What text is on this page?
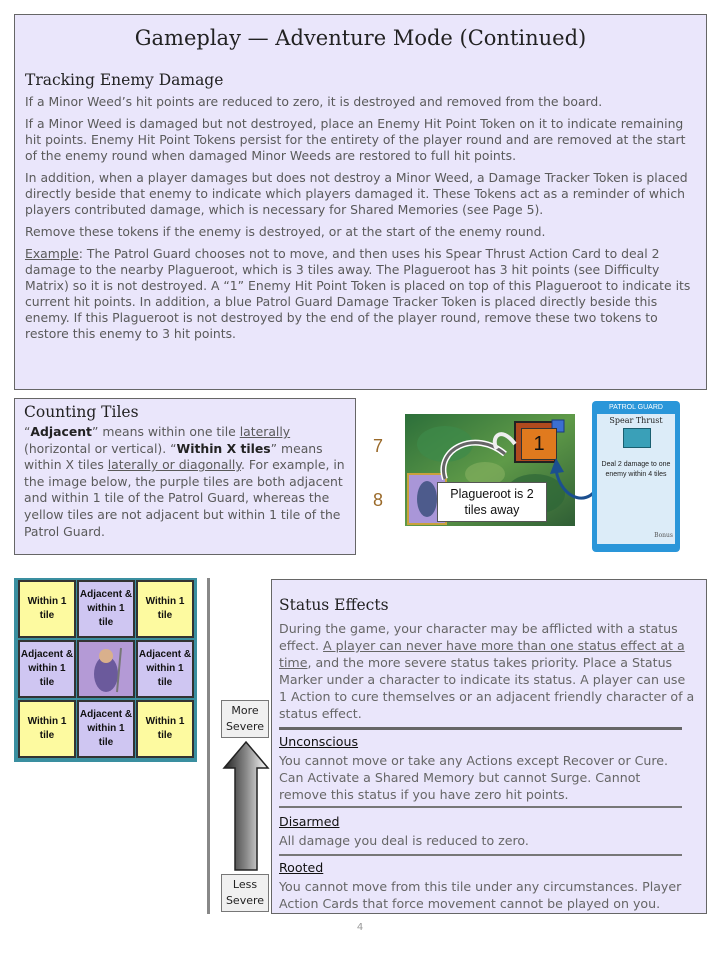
Gameplay — Adventure Mode (Continued)
Tracking Enemy Damage

If a Minor Weed’s hit points are reduced to zero, it is destroyed and removed from the board.

If a Minor Weed is damaged but not destroyed, place an Enemy Hit Point Token on it to indicate remaining hit points. Enemy Hit Point Tokens persist for the entirety of the player round and are removed at the start of the enemy round when damaged Minor Weeds are restored to full hit points.

In addition, when a player damages but does not destroy a Minor Weed, a Damage Tracker Token is placed directly beside that enemy to indicate which players damaged it. These Tokens act as a reminder of which players contributed damage, which is necessary for Shared Memories (see Page 5).

Remove these tokens if the enemy is destroyed, or at the start of the enemy round.

Example: The Patrol Guard chooses not to move, and then uses his Spear Thrust Action Card to deal 2 damage to the nearby Plagueroot, which is 3 tiles away. The Plagueroot has 3 hit points (see Difficulty Matrix) so it is not destroyed. A “1” Enemy Hit Point Token is placed on top of this Plagueroot to indicate its current hit points. In addition, a blue Patrol Guard Damage Tracker Token is placed directly beside this enemy. If this Plagueroot is not destroyed by the end of the player round, remove these two tokens to restore this enemy to 3 hit points.

Counting Tiles

“Adjacent” means within one tile laterally (horizontal or vertical). “Within X tiles” means within X tiles laterally or diagonally. For example, in the image below, the purple tiles are both adjacent and within 1 tile of the Patrol Guard, whereas the yellow tiles are not adjacent but within 1 tile of the Patrol Guard.

7
8
1
Plagueroot is 2 tiles away
PATROL GUARD
Spear Thrust
Deal 2 damage to one enemy within 4 tiles
Bonus
Within 1 tile
Adjacent & within 1 tile
Within 1 tile
Adjacent & within 1 tile
Adjacent & within 1 tile
Within 1 tile
Adjacent & within 1 tile
Within 1 tile
More Severe
Less Severe
Status Effects

During the game, your character may be afflicted with a status effect. A player can never have more than one status effect at a time, and the more severe status takes priority. Place a Status Marker under a character to indicate its status. A player can use 1 Action to cure themselves or an adjacent friendly character of a status effect.

Unconscious

You cannot move or take any Actions except Recover or Cure. Can Activate a Shared Memory but cannot Surge. Cannot remove this status if you have zero hit points.

Disarmed

All damage you deal is reduced to zero.

Rooted

You cannot move from this tile under any circumstances. Player Action Cards that force movement cannot be played on you.

4
